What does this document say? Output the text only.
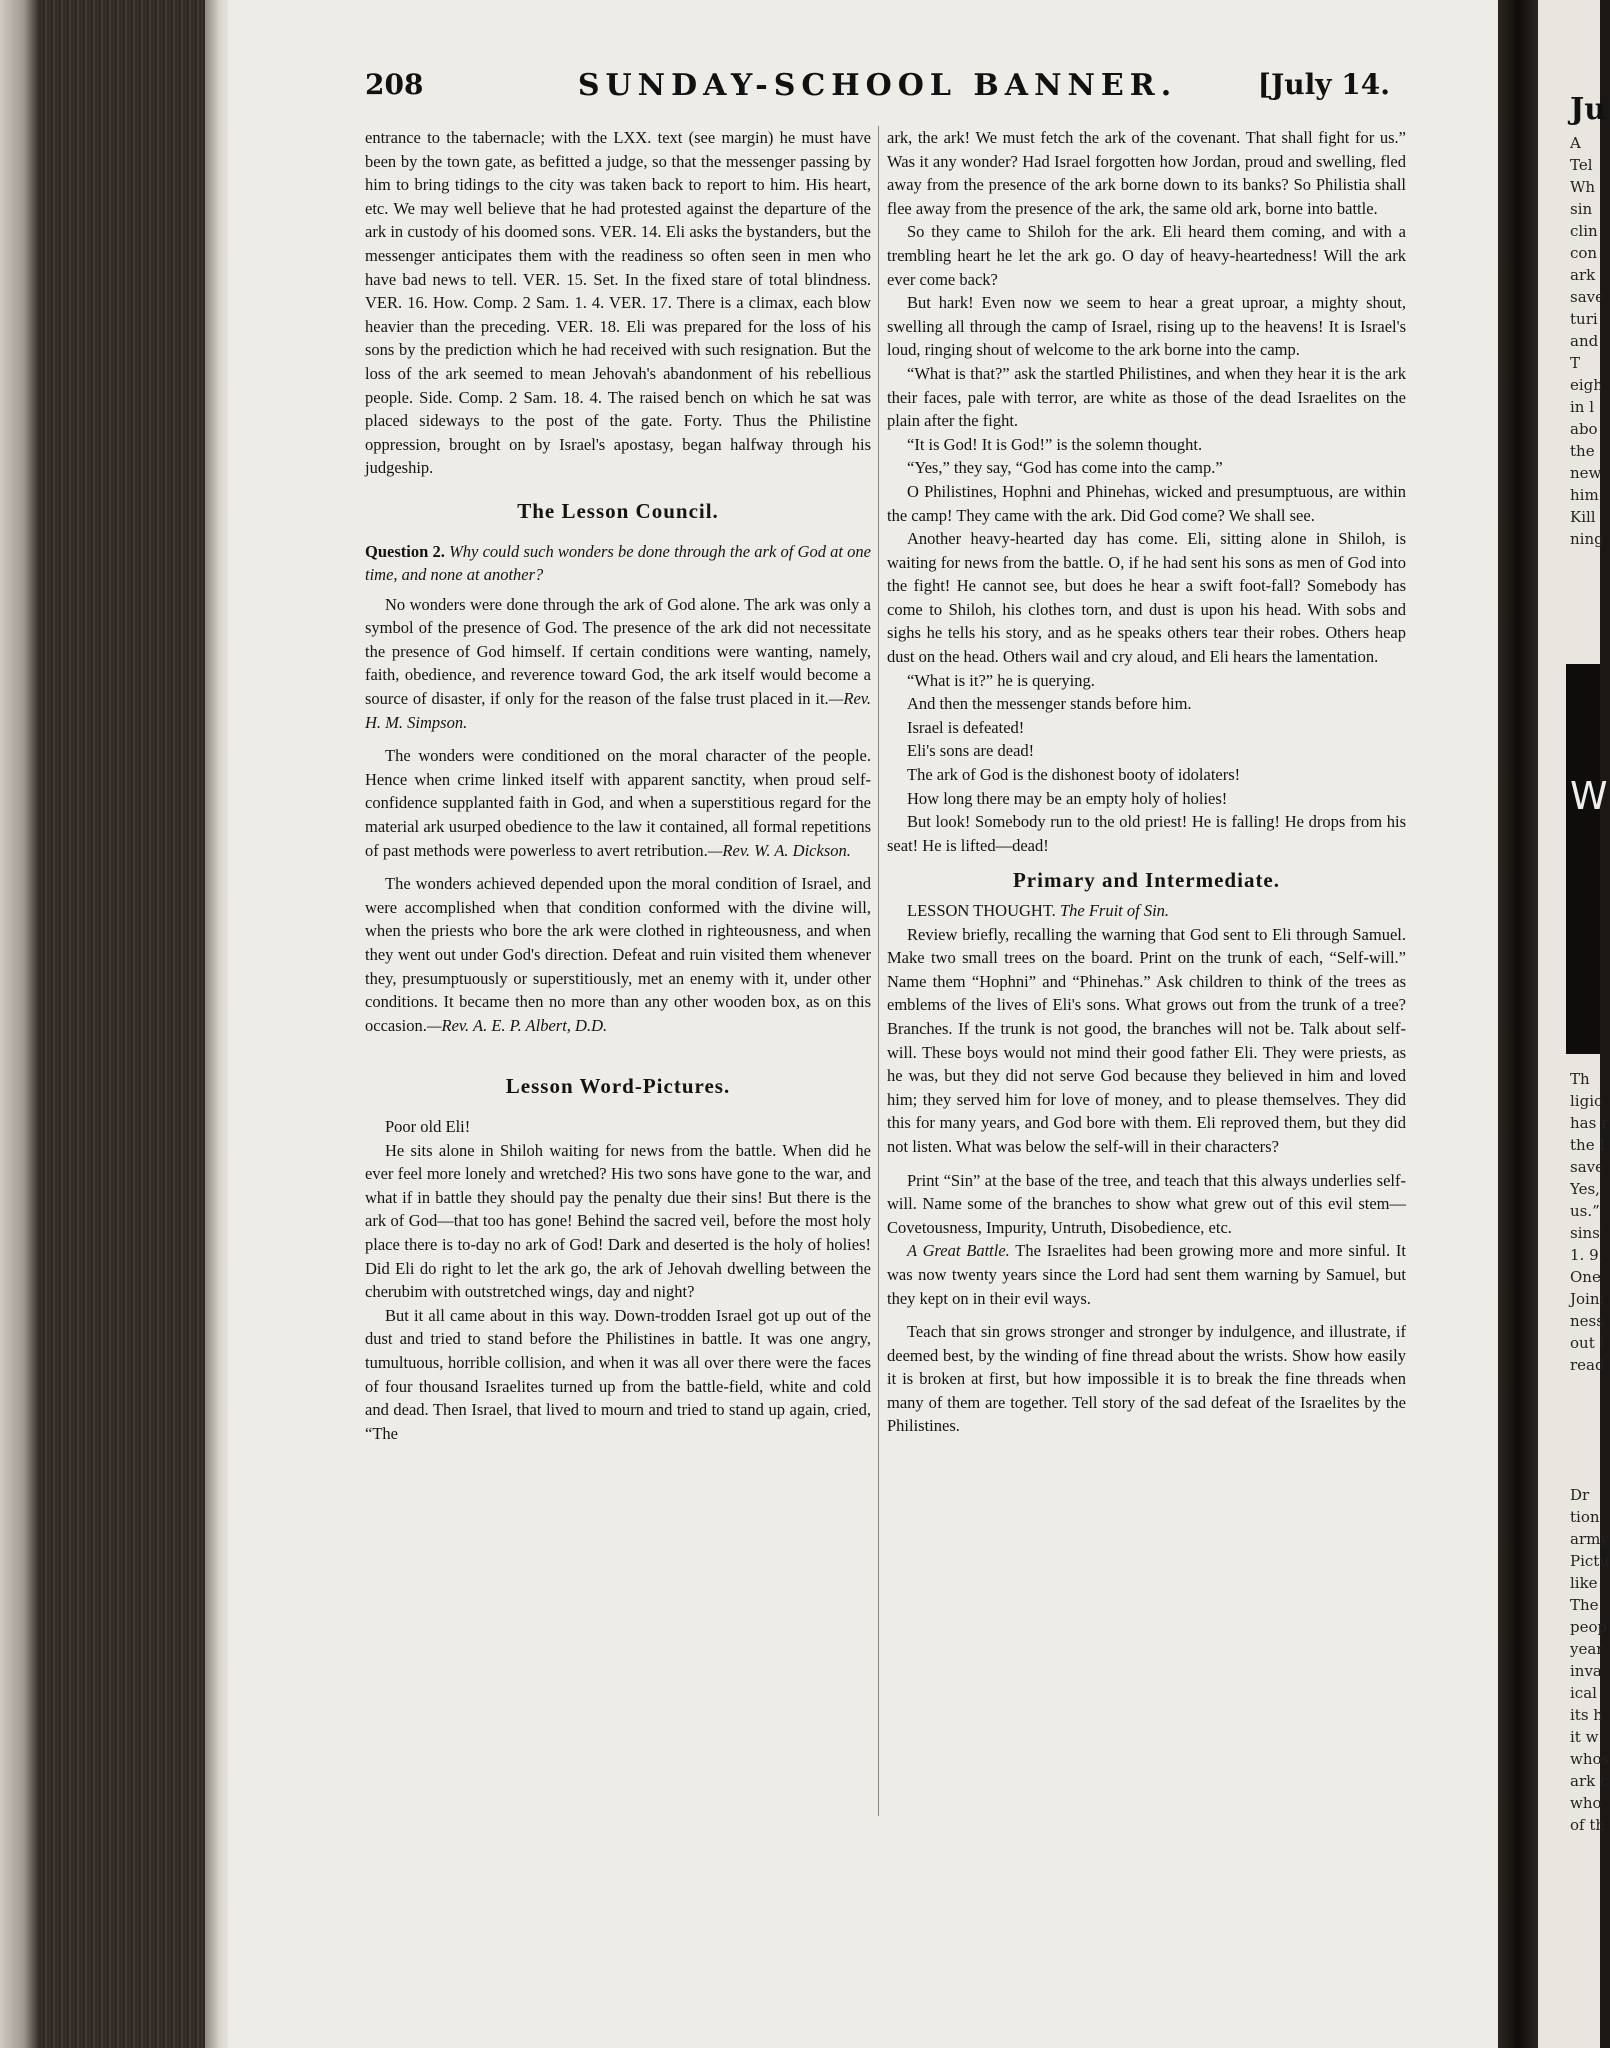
208	SUNDAY-SCHOOL BANNER.	[July 14.

entrance to the tabernacle; with the LXX. text (see margin) he must have been by the town gate, as befitted a judge, so that the messenger passing by him to bring tidings to the city was taken back to report to him. His heart, etc. We may well believe that he had protested against the departure of the ark in custody of his doomed sons. VER. 14. Eli asks the bystanders, but the messenger anticipates them with the readiness so often seen in men who have bad news to tell. VER. 15. Set. In the fixed stare of total blindness. VER. 16. How. Comp. 2 Sam. 1. 4. VER. 17. There is a climax, each blow heavier than the preceding. VER. 18. Eli was prepared for the loss of his sons by the prediction which he had received with such resignation. But the loss of the ark seemed to mean Jehovah's abandonment of his rebellious people. Side. Comp. 2 Sam. 18. 4. The raised bench on which he sat was placed sideways to the post of the gate. Forty. Thus the Philistine oppression, brought on by Israel's apostasy, began halfway through his judgeship.

The Lesson Council.

Question 2. Why could such wonders be done through the ark of God at one time, and none at another?

No wonders were done through the ark of God alone. The ark was only a symbol of the presence of God. The presence of the ark did not necessitate the presence of God himself. If certain conditions were wanting, namely, faith, obedience, and reverence toward God, the ark itself would become a source of disaster, if only for the reason of the false trust placed in it.—Rev. H. M. Simpson.

The wonders were conditioned on the moral character of the people. Hence when crime linked itself with apparent sanctity, when proud self-confidence supplanted faith in God, and when a superstitious regard for the material ark usurped obedience to the law it contained, all formal repetitions of past methods were powerless to avert retribution.—Rev. W. A. Dickson.

The wonders achieved depended upon the moral condition of Israel, and were accomplished when that condition conformed with the divine will, when the priests who bore the ark were clothed in righteousness, and when they went out under God's direction. Defeat and ruin visited them whenever they, presumptuously or superstitiously, met an enemy with it, under other conditions. It became then no more than any other wooden box, as on this occasion.—Rev. A. E. P. Albert, D.D.

Lesson Word-Pictures.

Poor old Eli!

He sits alone in Shiloh waiting for news from the battle. When did he ever feel more lonely and wretched? His two sons have gone to the war, and what if in battle they should pay the penalty due their sins! But there is the ark of God—that too has gone! Behind the sacred veil, before the most holy place there is to-day no ark of God! Dark and deserted is the holy of holies! Did Eli do right to let the ark go, the ark of Jehovah dwelling between the cherubim with outstretched wings, day and night?

But it all came about in this way. Down-trodden Israel got up out of the dust and tried to stand before the Philistines in battle. It was one angry, tumultuous, horrible collision, and when it was all over there were the faces of four thousand Israelites turned up from the battle-field, white and cold and dead. Then Israel, that lived to mourn and tried to stand up again, cried, “The

ark, the ark! We must fetch the ark of the covenant. That shall fight for us.” Was it any wonder? Had Israel forgotten how Jordan, proud and swelling, fled away from the presence of the ark borne down to its banks? So Philistia shall flee away from the presence of the ark, the same old ark, borne into battle.

So they came to Shiloh for the ark. Eli heard them coming, and with a trembling heart he let the ark go. O day of heavy-heartedness! Will the ark ever come back?

But hark! Even now we seem to hear a great uproar, a mighty shout, swelling all through the camp of Israel, rising up to the heavens! It is Israel's loud, ringing shout of welcome to the ark borne into the camp.

“What is that?” ask the startled Philistines, and when they hear it is the ark their faces, pale with terror, are white as those of the dead Israelites on the plain after the fight.

“It is God! It is God!” is the solemn thought.

“Yes,” they say, “God has come into the camp.”

O Philistines, Hophni and Phinehas, wicked and presumptuous, are within the camp! They came with the ark. Did God come? We shall see.

Another heavy-hearted day has come. Eli, sitting alone in Shiloh, is waiting for news from the battle. O, if he had sent his sons as men of God into the fight! He cannot see, but does he hear a swift foot-fall? Somebody has come to Shiloh, his clothes torn, and dust is upon his head. With sobs and sighs he tells his story, and as he speaks others tear their robes. Others heap dust on the head. Others wail and cry aloud, and Eli hears the lamentation.

“What is it?” he is querying.

And then the messenger stands before him.

Israel is defeated!

Eli's sons are dead!

The ark of God is the dishonest booty of idolaters!

How long there may be an empty holy of holies!

But look! Somebody run to the old priest! He is falling! He drops from his seat! He is lifted—dead!

Primary and Intermediate.

LESSON THOUGHT. The Fruit of Sin.

Review briefly, recalling the warning that God sent to Eli through Samuel. Make two small trees on the board. Print on the trunk of each, “Self-will.” Name them “Hophni” and “Phinehas.” Ask children to think of the trees as emblems of the lives of Eli's sons. What grows out from the trunk of a tree? Branches. If the trunk is not good, the branches will not be. Talk about self-will. These boys would not mind their good father Eli. They were priests, as he was, but they did not serve God because they believed in him and loved him; they served him for love of money, and to please themselves. They did this for many years, and God bore with them. Eli reproved them, but they did not listen. What was below the self-will in their characters?

Print “Sin” at the base of the tree, and teach that this always underlies self-will. Name some of the branches to show what grew out of this evil stem—Covetousness, Impurity, Untruth, Disobedience, etc.

A Great Battle. The Israelites had been growing more and more sinful. It was now twenty years since the Lord had sent them warning by Samuel, but they kept on in their evil ways.

Teach that sin grows stronger and stronger by indulgence, and illustrate, if deemed best, by the winding of fine thread about the wrists. Show how easily it is broken at first, but how impossible it is to break the fine threads when many of them are together. Tell story of the sad defeat of the Israelites by the Philistines.

Ju
A
Tel
Wh
sin
clin
con
ark
save
turi
and
T
eigh
in l
abo
the
new
him
Kill
ning
W
Th
ligio
has r
the I
save
Yes,
us.”
sins'
1. 9.
One
Joini
ness
out l
read
Dr
tion
army
Pictu
like
The
peop
year
inva
ical
its h
it w
whos
ark c
who
of th
